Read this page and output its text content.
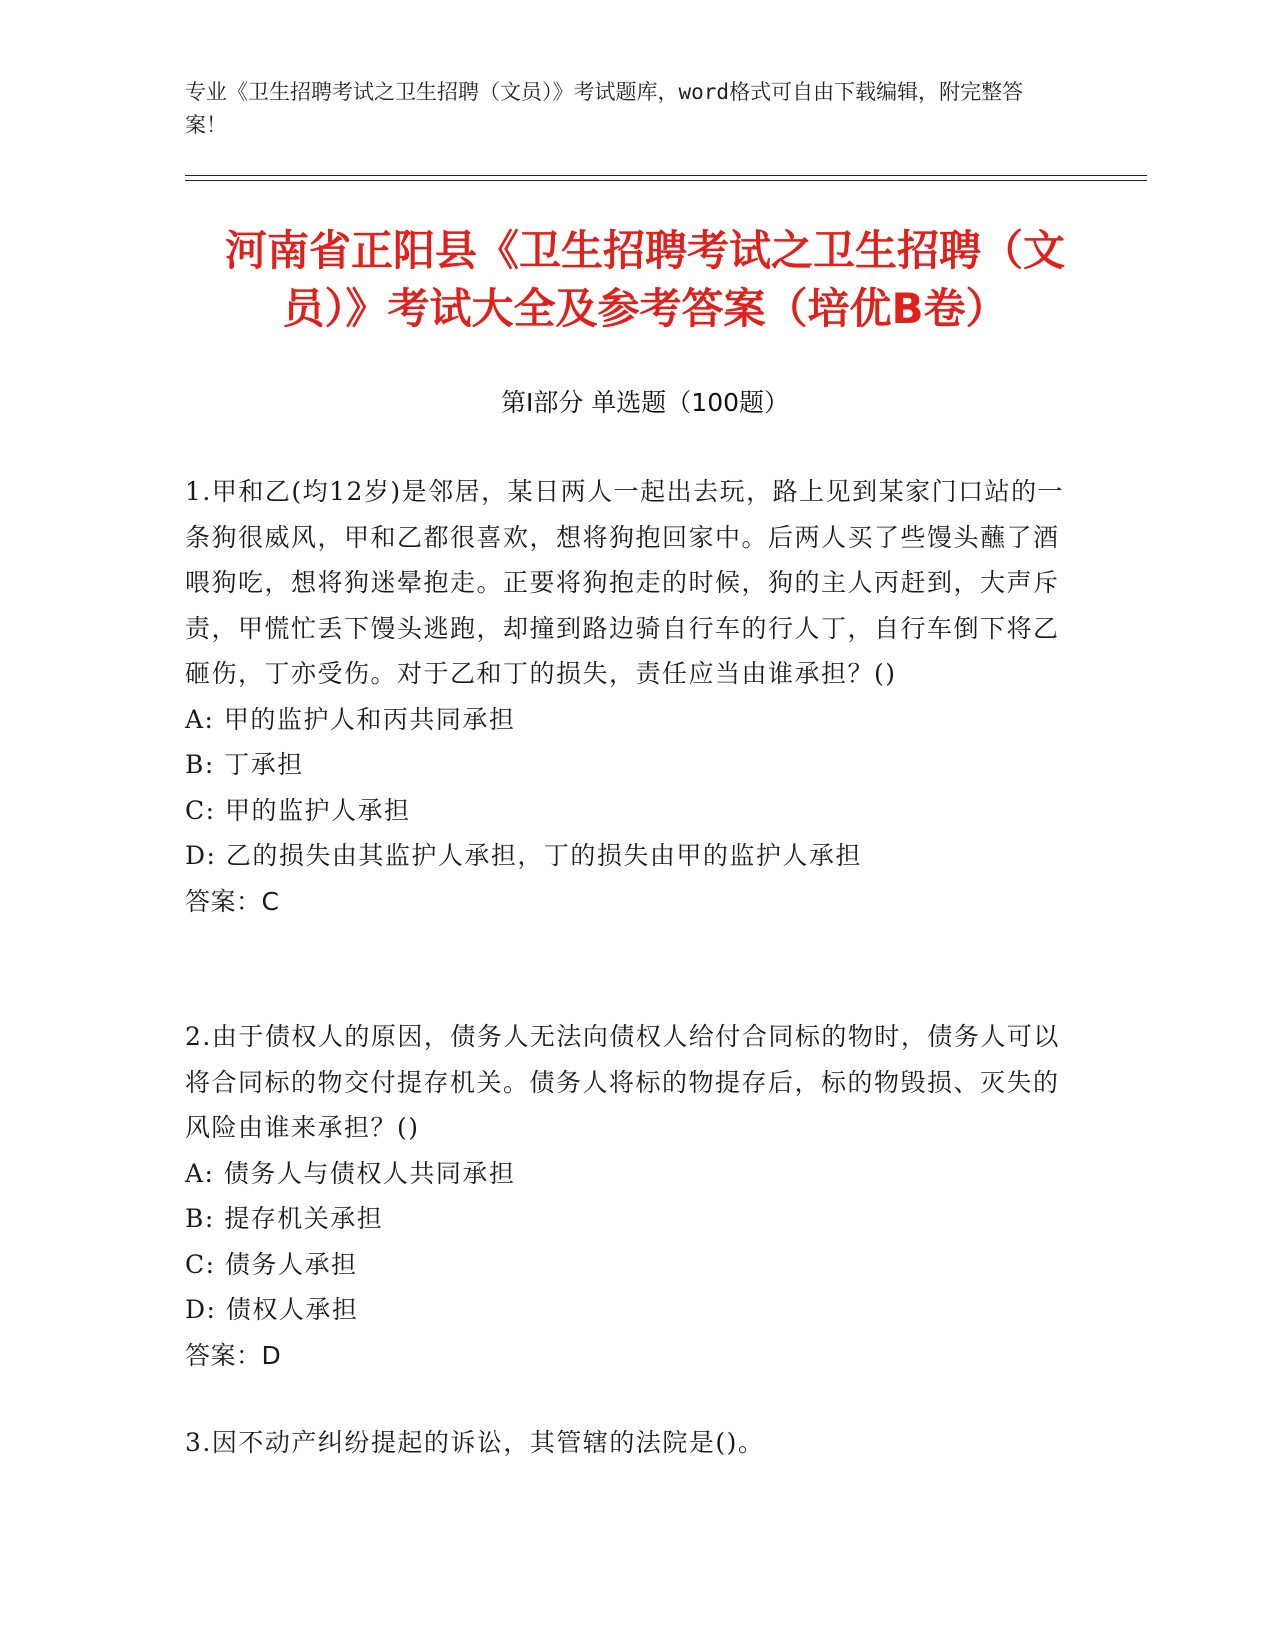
专业《卫生招聘考试之卫生招聘（文员）》考试题库，word格式可自由下载编辑，附完整答案！
河南省正阳县《卫生招聘考试之卫生招聘（文员）》考试大全及参考答案（培优B卷）
第I部分 单选题（100题）

1.甲和乙(均12岁)是邻居，某日两人一起出去玩，路上见到某家门口站的一条狗很威风，甲和乙都很喜欢，想将狗抱回家中。后两人买了些馒头蘸了酒喂狗吃，想将狗迷晕抱走。正要将狗抱走的时候，狗的主人丙赶到，大声斥责，甲慌忙丢下馒头逃跑，却撞到路边骑自行车的行人丁，自行车倒下将乙砸伤，丁亦受伤。对于乙和丁的损失，责任应当由谁承担？()

A: 甲的监护人和丙共同承担

B: 丁承担

C: 甲的监护人承担

D: 乙的损失由其监护人承担，丁的损失由甲的监护人承担

答案：C

2.由于债权人的原因，债务人无法向债权人给付合同标的物时，债务人可以将合同标的物交付提存机关。债务人将标的物提存后，标的物毁损、灭失的风险由谁来承担？()

A: 债务人与债权人共同承担

B: 提存机关承担

C: 债务人承担

D: 债权人承担

答案：D

3.因不动产纠纷提起的诉讼，其管辖的法院是()。
